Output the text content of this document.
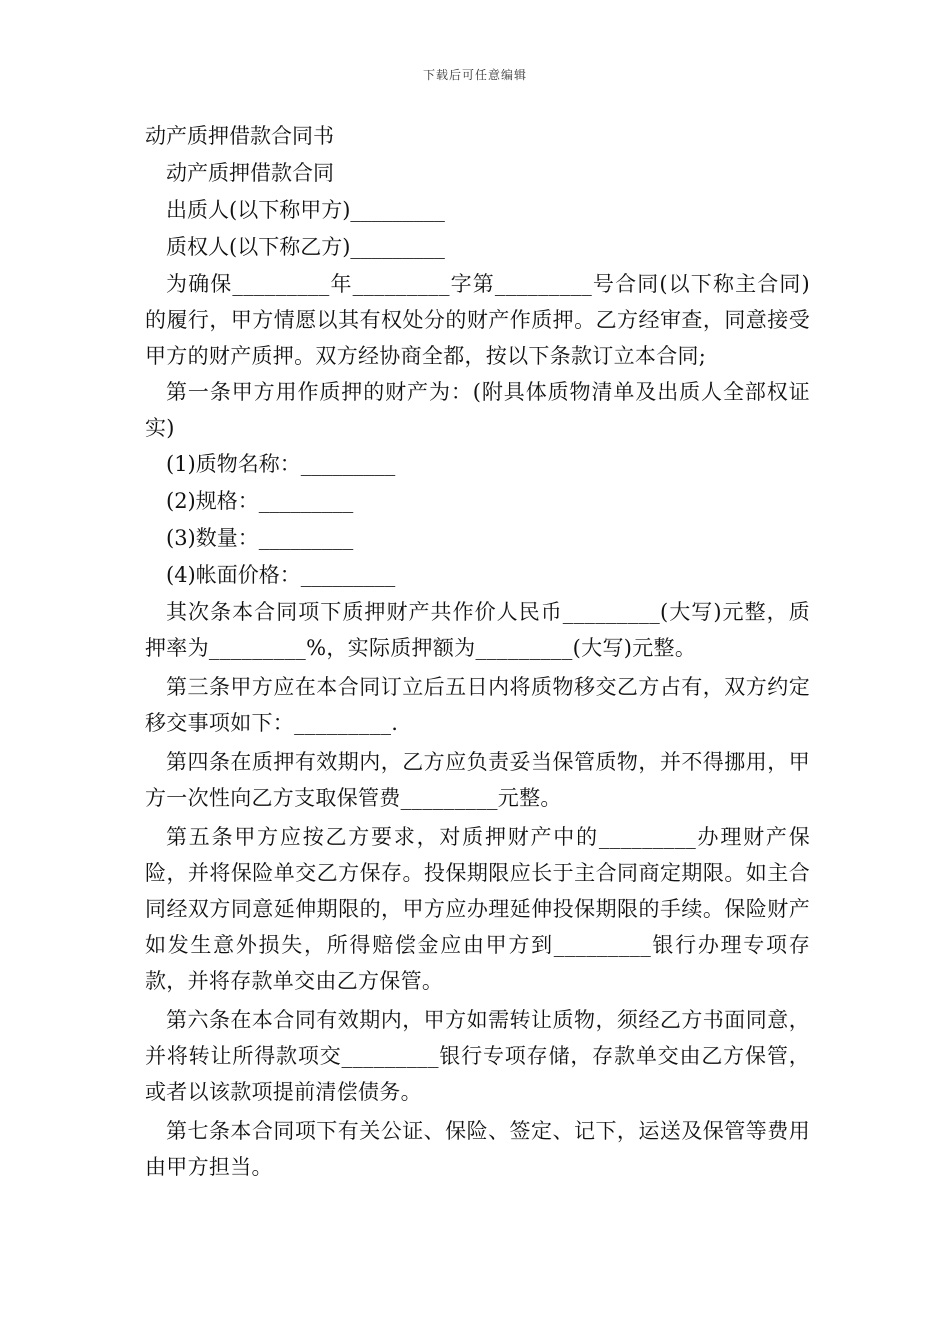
下载后可任意编辑

动产质押借款合同书

动产质押借款合同

出质人(以下称甲方)_________

质权人(以下称乙方)_________

为确保_________年_________字第_________号合同(以下称主合同)的履行，甲方情愿以其有权处分的财产作质押。乙方经审查，同意接受甲方的财产质押。双方经协商全都，按以下条款订立本合同;

第一条甲方用作质押的财产为：(附具体质物清单及出质人全部权证实)

(1)质物名称：_________

(2)规格：_________

(3)数量：_________

(4)帐面价格：_________

其次条本合同项下质押财产共作价人民币_________(大写)元整，质押率为_________%，实际质押额为_________(大写)元整。

第三条甲方应在本合同订立后五日内将质物移交乙方占有，双方约定移交事项如下：_________.

第四条在质押有效期内，乙方应负责妥当保管质物，并不得挪用，甲方一次性向乙方支取保管费_________元整。

第五条甲方应按乙方要求，对质押财产中的_________办理财产保险，并将保险单交乙方保存。投保期限应长于主合同商定期限。如主合同经双方同意延伸期限的，甲方应办理延伸投保期限的手续。保险财产如发生意外损失，所得赔偿金应由甲方到_________银行办理专项存款，并将存款单交由乙方保管。

第六条在本合同有效期内，甲方如需转让质物，须经乙方书面同意，并将转让所得款项交_________银行专项存储，存款单交由乙方保管，或者以该款项提前清偿债务。

第七条本合同项下有关公证、保险、签定、记下，运送及保管等费用由甲方担当。
